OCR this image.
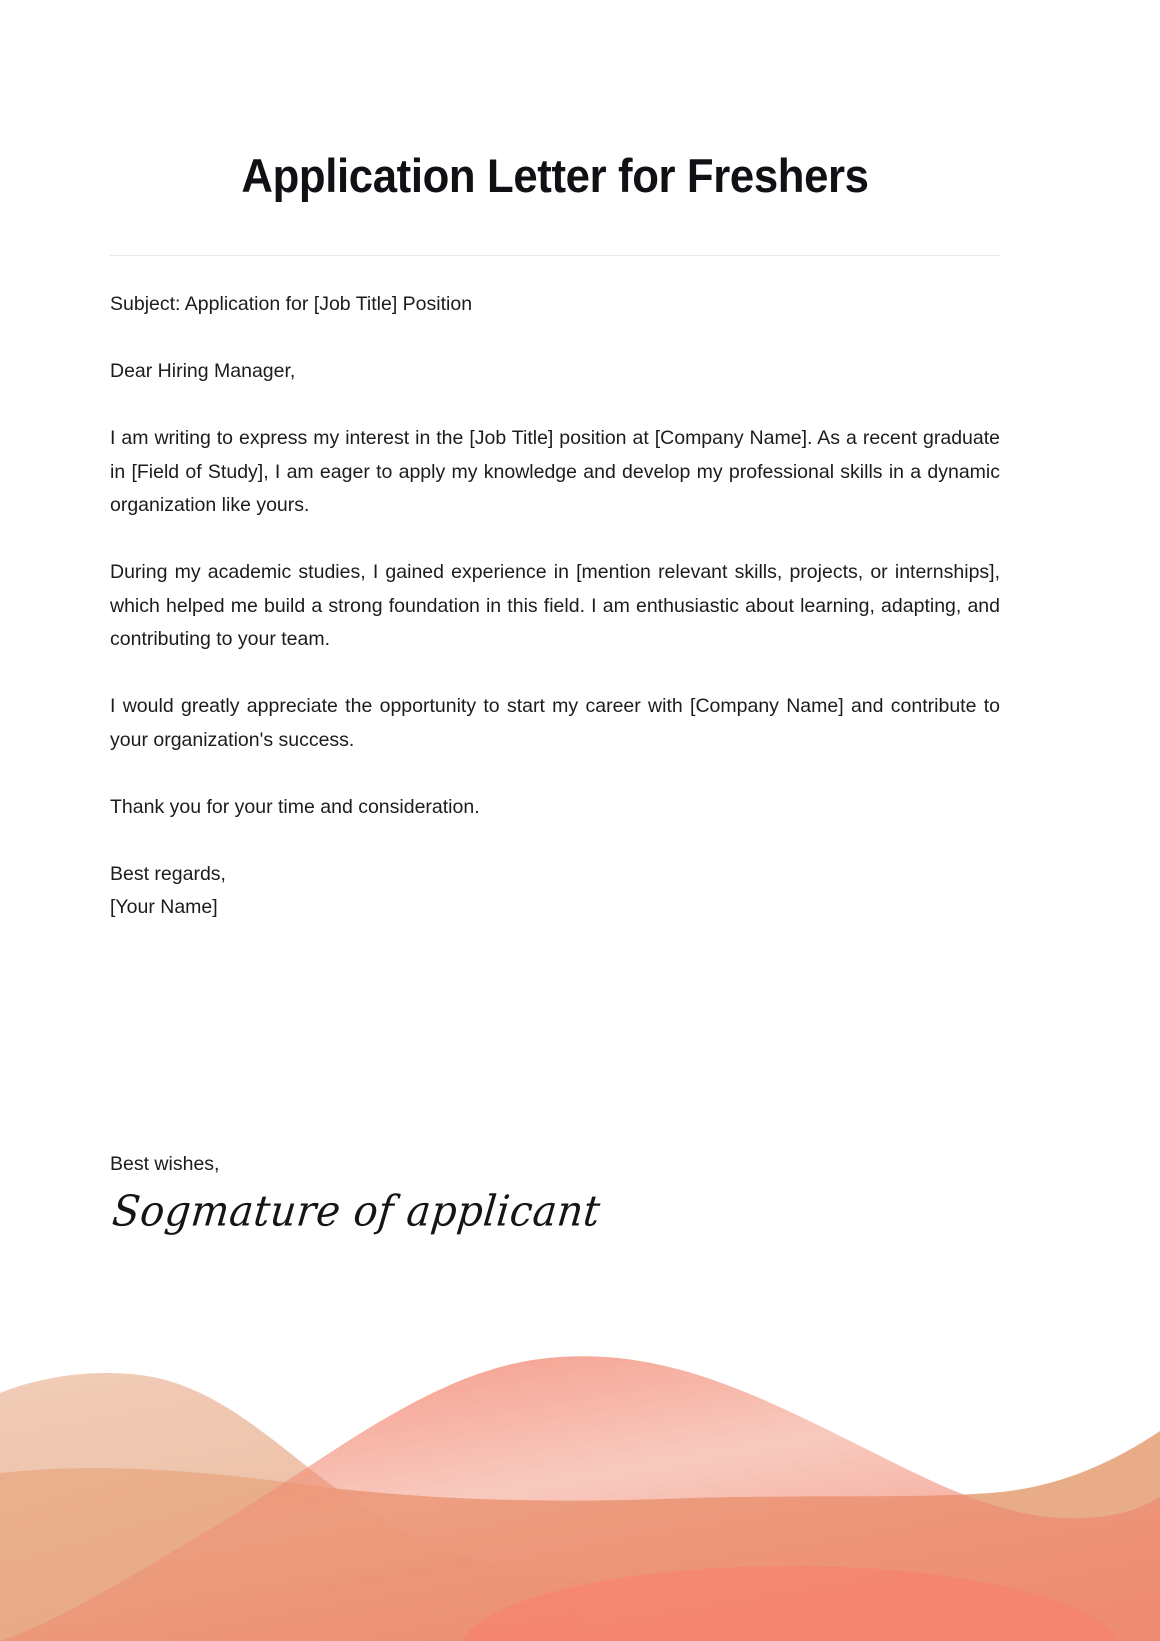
Application Letter for Freshers
Subject: Application for [Job Title] Position
Dear Hiring Manager,
I am writing to express my interest in the [Job Title] position at [Company Name]. As a recent graduate in [Field of Study], I am eager to apply my knowledge and develop my professional skills in a dynamic organization like yours.
During my academic studies, I gained experience in [mention relevant skills, projects, or internships], which helped me build a strong foundation in this field. I am enthusiastic about learning, adapting, and contributing to your team.
I would greatly appreciate the opportunity to start my career with [Company Name] and contribute to your organization's success.
Thank you for your time and consideration.
Best regards,
[Your Name]
Best wishes,
Sogmature of applicant
